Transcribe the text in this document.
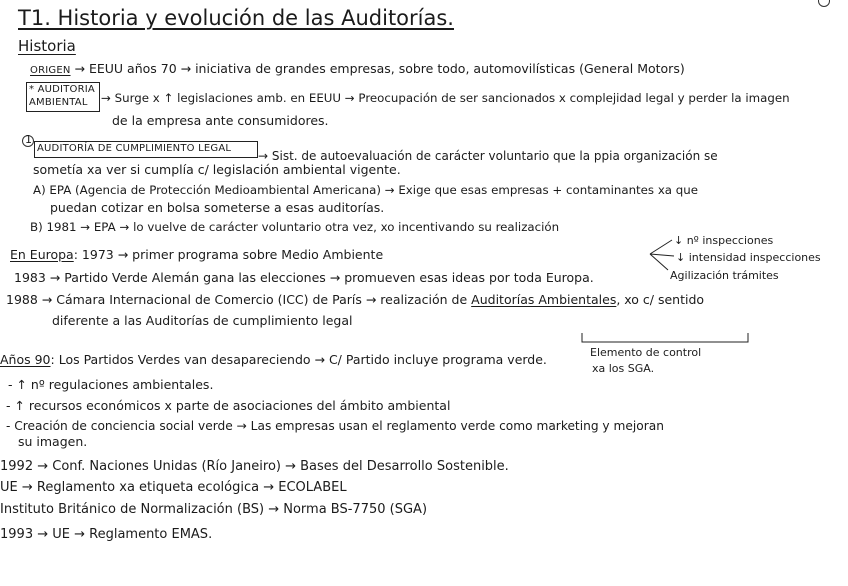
T1. Historia y evolución de las Auditorías.
Historia
ORIGEN → EEUU años 70 → iniciativa de grandes empresas, sobre todo, automovilísticas (General Motors)
* AUDITORIA
AMBIENTAL → Surge x ↑ legislaciones amb. en EEUU → Preocupación de ser sancionados x complejidad legal y perder la imagen
de la empresa ante consumidores.
1
AUDITORÍA DE CUMPLIMIENTO LEGAL
→ Sist. de autoevaluación de carácter voluntario que la ppia organización se
sometía xa ver si cumplía c/ legislación ambiental vigente.
A) EPA (Agencia de Protección Medioambiental Americana) → Exige que esas empresas + contaminantes xa que
puedan cotizar en bolsa someterse a esas auditorías.
B) 1981 → EPA → lo vuelve de carácter voluntario otra vez, xo incentivando su realización
↓ nº inspecciones
↓ intensidad inspecciones
Agilización trámites
En Europa: 1973 → primer programa sobre Medio Ambiente
1983 → Partido Verde Alemán gana las elecciones → promueven esas ideas por toda Europa.
1988 → Cámara Internacional de Comercio (ICC) de París → realización de Auditorías Ambientales, xo c/ sentido
diferente a las Auditorías de cumplimiento legal
Elemento de control
xa los SGA.
Años 90: Los Partidos Verdes van desapareciendo → C/ Partido incluye programa verde.
- ↑ nº regulaciones ambientales.
- ↑ recursos económicos x parte de asociaciones del ámbito ambiental
- Creación de conciencia social verde → Las empresas usan el reglamento verde como marketing y mejoran
su imagen.
1992 → Conf. Naciones Unidas (Río Janeiro) → Bases del Desarrollo Sostenible.
UE → Reglamento xa etiqueta ecológica → ECOLABEL
Instituto Británico de Normalización (BS) → Norma BS-7750 (SGA)
1993 → UE → Reglamento EMAS.
